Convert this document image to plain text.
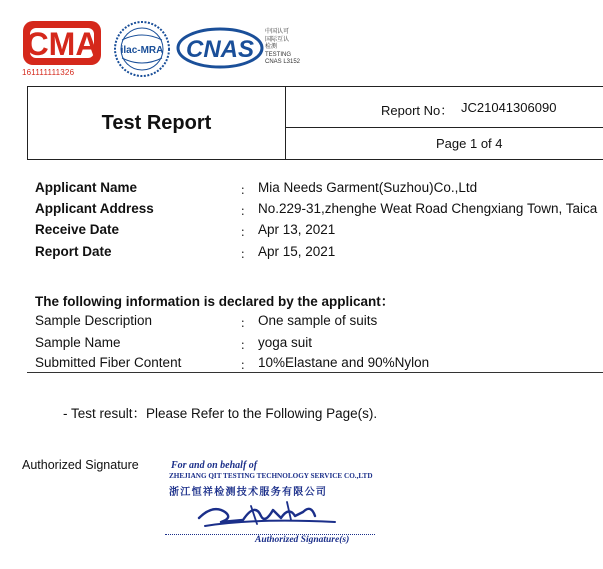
CMA
161111111326
ilac-MRA CNAS
中国认可
国际互认
检测
TESTING
CNAS L3152
Test Report
Report No： JC21041306090
Page 1 of 4
Applicant Name	： Mia Needs Garment(Suzhou)Co.,Ltd
Applicant Address	： No.229-31,zhenghe Weat Road Chengxiang Town, Taica
Receive Date	： Apr 13, 2021
Report Date	： Apr 15, 2021
The following information is declared by the applicant：
Sample Description	： One sample of suits
Sample Name	： yoga suit
Submitted Fiber Content	： 10%Elastane and 90%Nylon
- Test result：Please Refer to the Following Page(s).
Authorized Signature	For and on behalf of
ZHEJIANG QIT TESTING TECHNOLOGY SERVICE CO.,LTD
浙江恒祥检测技术服务有限公司
Authorized Signature(s)
